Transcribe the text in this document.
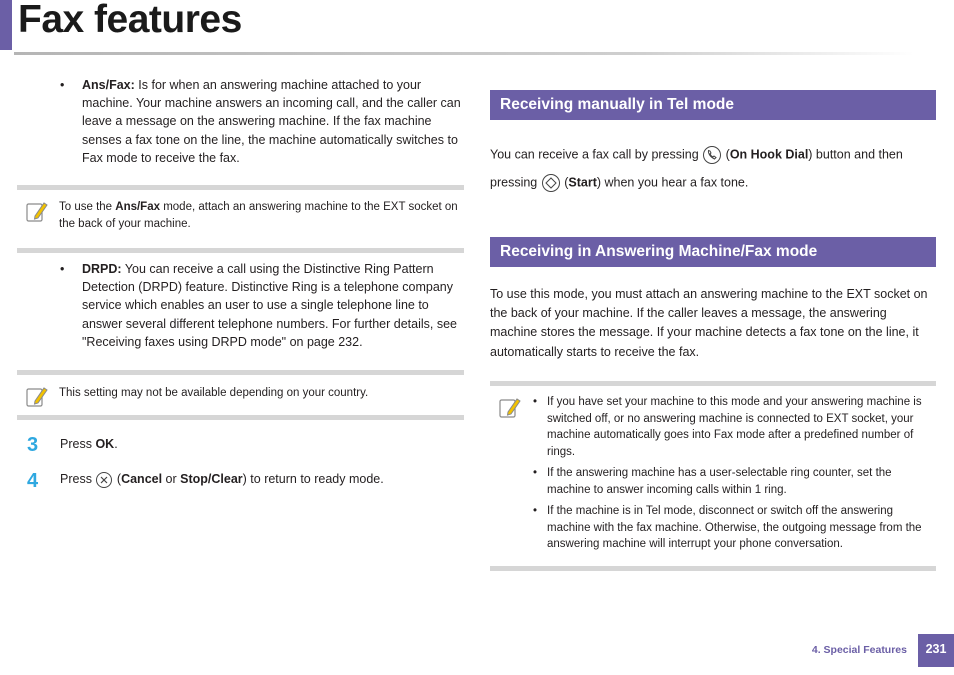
Fax features
• Ans/Fax: Is for when an answering machine attached to your machine. Your machine answers an incoming call, and the caller can leave a message on the answering machine. If the fax machine senses a fax tone on the line, the machine automatically switches to Fax mode to receive the fax.
To use the Ans/Fax mode, attach an answering machine to the EXT socket on the back of your machine.
• DRPD: You can receive a call using the Distinctive Ring Pattern Detection (DRPD) feature. Distinctive Ring is a telephone company service which enables an user to use a single telephone line to answer several different telephone numbers. For further details, see "Receiving faxes using DRPD mode" on page 232.
This setting may not be available depending on your country.
3 Press OK.
4 Press  (Cancel or Stop/Clear) to return to ready mode.
Receiving manually in Tel mode
You can receive a fax call by pressing  (On Hook Dial) button and then
pressing  (Start) when you hear a fax tone.
Receiving in Answering Machine/Fax mode
To use this mode, you must attach an answering machine to the EXT socket on the back of your machine. If the caller leaves a message, the answering machine stores the message. If your machine detects a fax tone on the line, it automatically starts to receive the fax.
• If you have set your machine to this mode and your answering machine is switched off, or no answering machine is connected to EXT socket, your machine automatically goes into Fax mode after a predefined number of rings.
• If the answering machine has a user-selectable ring counter, set the machine to answer incoming calls within 1 ring.
• If the machine is in Tel mode, disconnect or switch off the answering machine with the fax machine. Otherwise, the outgoing message from the answering machine will interrupt your phone conversation.
4. Special Features	231
